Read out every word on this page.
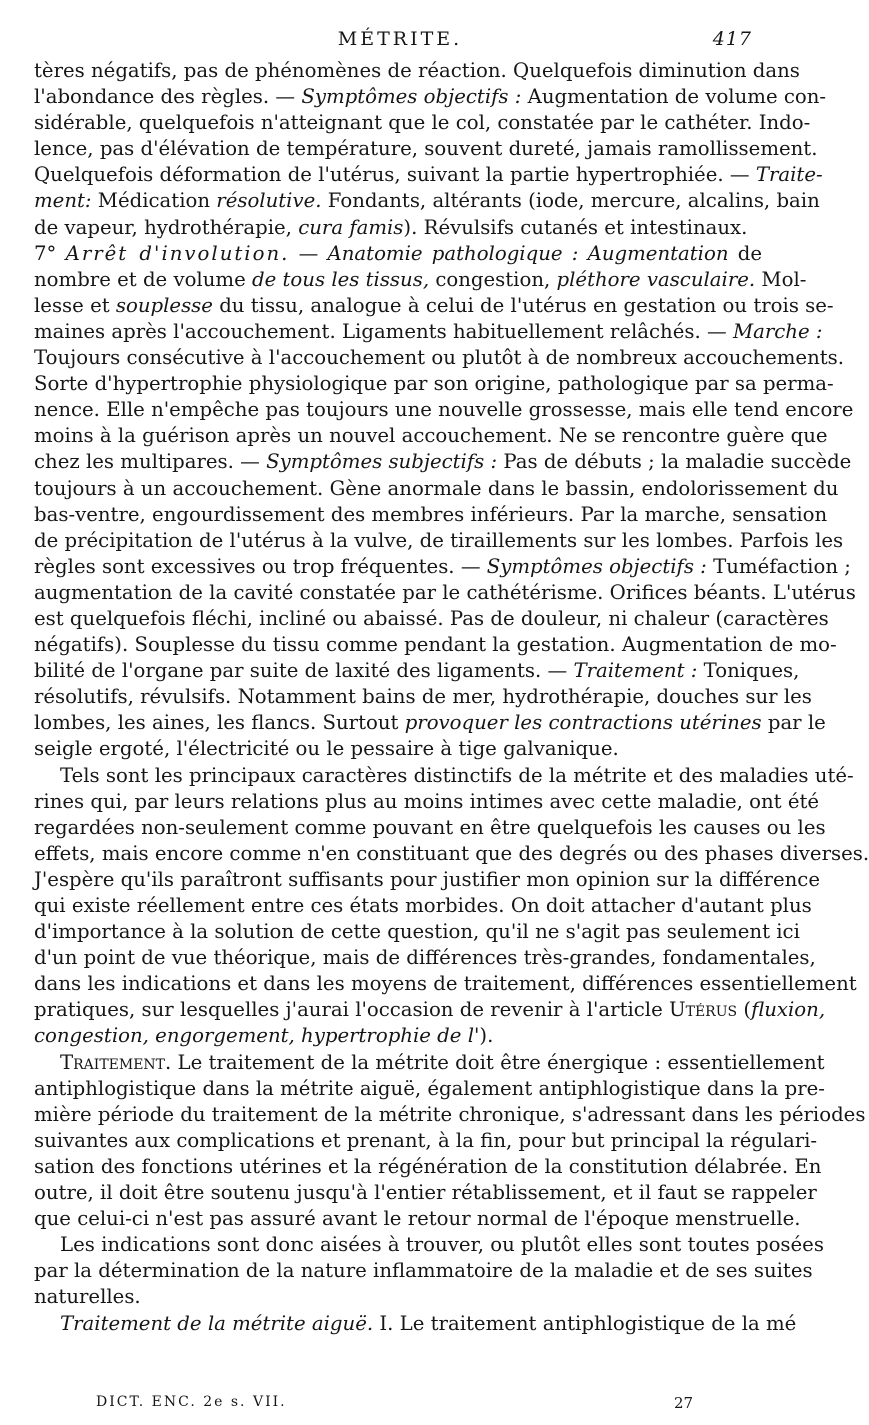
MÉTRITE.	417
tères négatifs, pas de phénomènes de réaction. Quelquefois diminution dans
l'abondance des règles. — Symptômes objectifs : Augmentation de volume con-
sidérable, quelquefois n'atteignant que le col, constatée par le cathéter. Indo-
lence, pas d'élévation de température, souvent dureté, jamais ramollissement.
Quelquefois déformation de l'utérus, suivant la partie hypertrophiée. — Traite-
ment: Médication résolutive. Fondants, altérants (iode, mercure, alcalins, bain
de vapeur, hydrothérapie, cura famis). Révulsifs cutanés et intestinaux.
7° Arrêt d'involution. — Anatomie pathologique : Augmentation de
nombre et de volume de tous les tissus, congestion, pléthore vasculaire. Mol-
lesse et souplesse du tissu, analogue à celui de l'utérus en gestation ou trois se-
maines après l'accouchement. Ligaments habituellement relâchés. — Marche :
Toujours consécutive à l'accouchement ou plutôt à de nombreux accouchements.
Sorte d'hypertrophie physiologique par son origine, pathologique par sa perma-
nence. Elle n'empêche pas toujours une nouvelle grossesse, mais elle tend encore
moins à la guérison après un nouvel accouchement. Ne se rencontre guère que
chez les multipares. — Symptômes subjectifs : Pas de débuts ; la maladie succède
toujours à un accouchement. Gène anormale dans le bassin, endolorissement du
bas-ventre, engourdissement des membres inférieurs. Par la marche, sensation
de précipitation de l'utérus à la vulve, de tiraillements sur les lombes. Parfois les
règles sont excessives ou trop fréquentes. — Symptômes objectifs : Tuméfaction ;
augmentation de la cavité constatée par le cathétérisme. Orifices béants. L'utérus
est quelquefois fléchi, incliné ou abaissé. Pas de douleur, ni chaleur (caractères
négatifs). Souplesse du tissu comme pendant la gestation. Augmentation de mo-
bilité de l'organe par suite de laxité des ligaments. — Traitement : Toniques,
résolutifs, révulsifs. Notamment bains de mer, hydrothérapie, douches sur les
lombes, les aines, les flancs. Surtout provoquer les contractions utérines par le
seigle ergoté, l'électricité ou le pessaire à tige galvanique.
Tels sont les principaux caractères distinctifs de la métrite et des maladies uté-
rines qui, par leurs relations plus au moins intimes avec cette maladie, ont été
regardées non-seulement comme pouvant en être quelquefois les causes ou les
effets, mais encore comme n'en constituant que des degrés ou des phases diverses.
J'espère qu'ils paraîtront suffisants pour justifier mon opinion sur la différence
qui existe réellement entre ces états morbides. On doit attacher d'autant plus
d'importance à la solution de cette question, qu'il ne s'agit pas seulement ici
d'un point de vue théorique, mais de différences très-grandes, fondamentales,
dans les indications et dans les moyens de traitement, différences essentiellement
pratiques, sur lesquelles j'aurai l'occasion de revenir à l'article Utérus (fluxion,
congestion, engorgement, hypertrophie de l').
Traitement. Le traitement de la métrite doit être énergique : essentiellement
antiphlogistique dans la métrite aiguë, également antiphlogistique dans la pre-
mière période du traitement de la métrite chronique, s'adressant dans les périodes
suivantes aux complications et prenant, à la fin, pour but principal la régulari-
sation des fonctions utérines et la régénération de la constitution délabrée. En
outre, il doit être soutenu jusqu'à l'entier rétablissement, et il faut se rappeler
que celui-ci n'est pas assuré avant le retour normal de l'époque menstruelle.
Les indications sont donc aisées à trouver, ou plutôt elles sont toutes posées
par la détermination de la nature inflammatoire de la maladie et de ses suites
naturelles.
Traitement de la métrite aiguë. I. Le traitement antiphlogistique de la mé
DICT. ENC. 2e s. VII.	27
